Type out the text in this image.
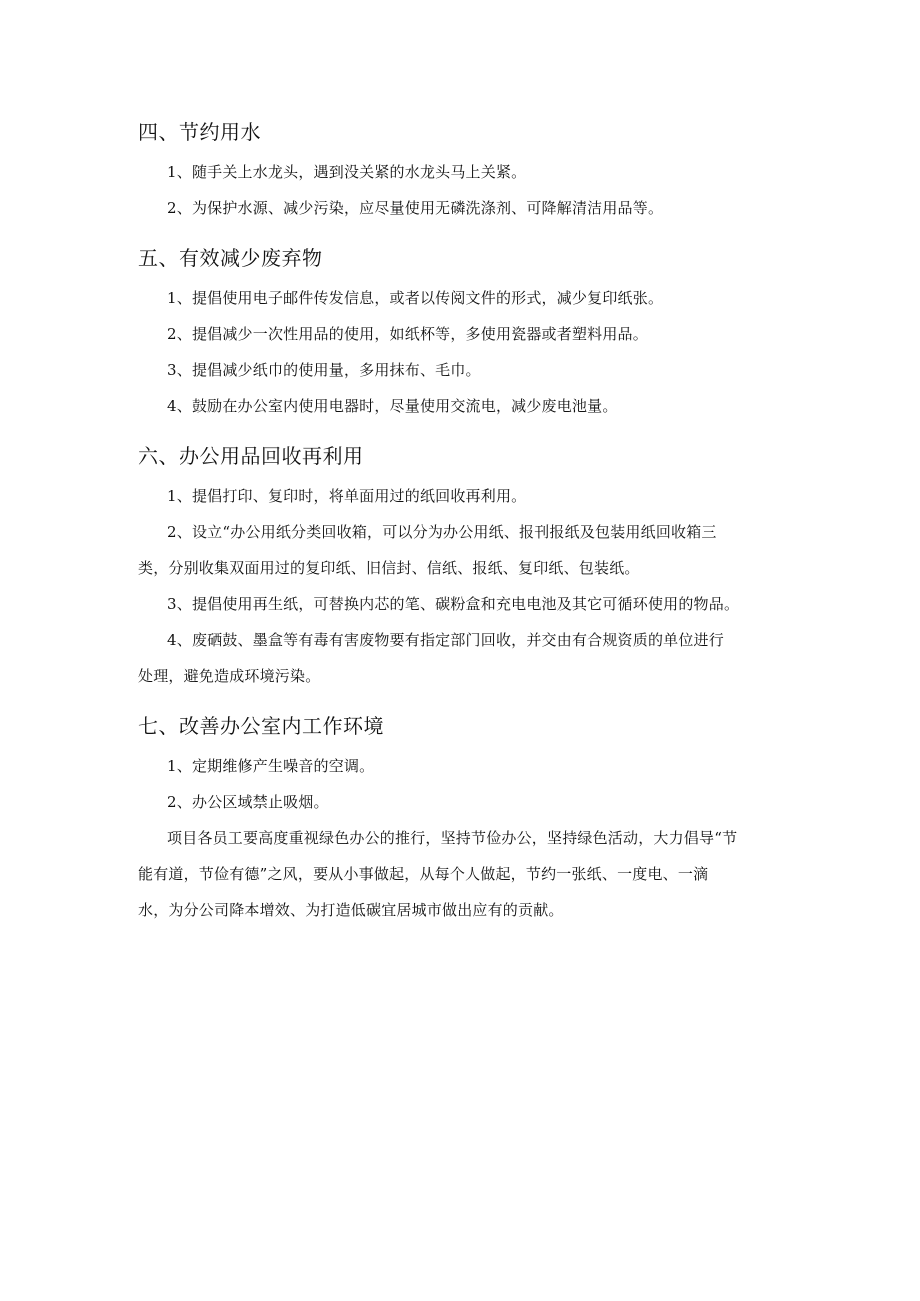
四、节约用水

1、随手关上水龙头，遇到没关紧的水龙头马上关紧。

2、为保护水源、减少污染，应尽量使用无磷洗涤剂、可降解清洁用品等。

五、有效减少废弃物

1、提倡使用电子邮件传发信息，或者以传阅文件的形式，减少复印纸张。

2、提倡减少一次性用品的使用，如纸杯等，多使用瓷器或者塑料用品。

3、提倡减少纸巾的使用量，多用抹布、毛巾。

4、鼓励在办公室内使用电器时，尽量使用交流电，减少废电池量。

六、办公用品回收再利用

1、提倡打印、复印时，将单面用过的纸回收再利用。

2、设立“办公用纸分类回收箱，可以分为办公用纸、报刊报纸及包装用纸回收箱三
类，分别收集双面用过的复印纸、旧信封、信纸、报纸、复印纸、包装纸。

3、提倡使用再生纸，可替换内芯的笔、碳粉盒和充电电池及其它可循环使用的物品。

4、废硒鼓、墨盒等有毒有害废物要有指定部门回收，并交由有合规资质的单位进行
处理，避免造成环境污染。
七、改善办公室内工作环境

1、定期维修产生噪音的空调。

2、办公区域禁止吸烟。

项目各员工要高度重视绿色办公的推行，坚持节俭办公，坚持绿色活动，大力倡导“节
能有道，节俭有德”之风，要从小事做起，从每个人做起，节约一张纸、一度电、一滴
水，为分公司降本增效、为打造低碳宜居城市做出应有的贡献。
